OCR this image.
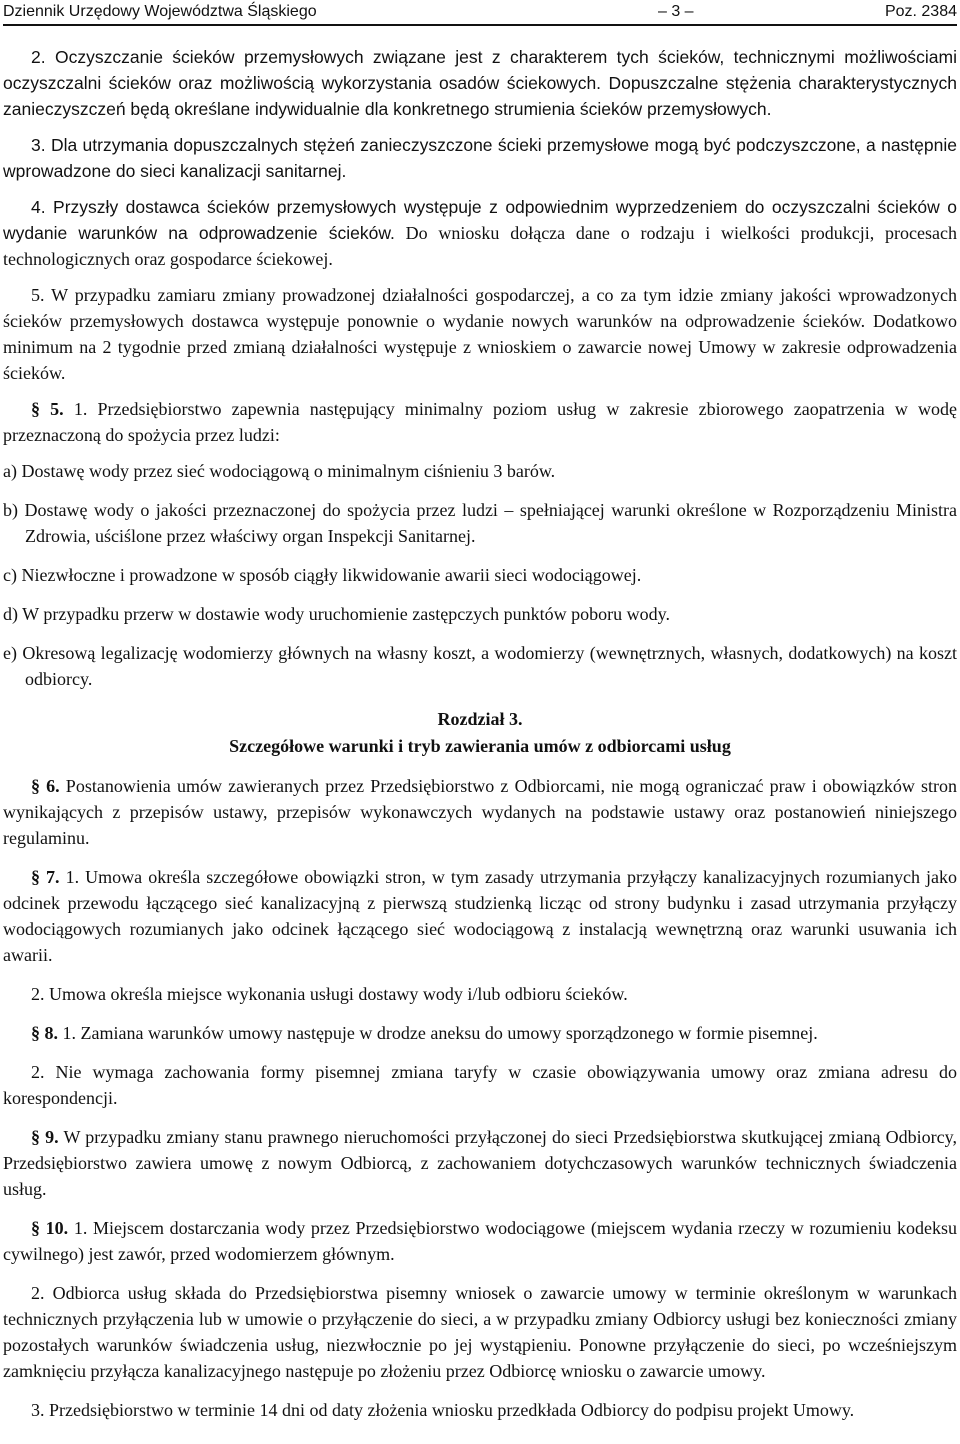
Dziennik Urzędowy Województwa Śląskiego	– 3 –	Poz. 2384

2. Oczyszczanie ścieków przemysłowych związane jest z charakterem tych ścieków, technicznymi możliwościami oczyszczalni ścieków oraz możliwością wykorzystania osadów ściekowych. Dopuszczalne stężenia charakterystycznych zanieczyszczeń będą określane indywidualnie dla konkretnego strumienia ścieków przemysłowych.

3. Dla utrzymania dopuszczalnych stężeń zanieczyszczone ścieki przemysłowe mogą być podczyszczone, a następnie wprowadzone do sieci kanalizacji sanitarnej.

4. Przyszły dostawca ścieków przemysłowych występuje z odpowiednim wyprzedzeniem do oczyszczalni ścieków o wydanie warunków na odprowadzenie ścieków. Do wniosku dołącza dane o rodzaju i wielkości produkcji, procesach technologicznych oraz gospodarce ściekowej.

5. W przypadku zamiaru zmiany prowadzonej działalności gospodarczej, a co za tym idzie zmiany jakości wprowadzonych ścieków przemysłowych dostawca występuje ponownie o wydanie nowych warunków na odprowadzenie ścieków. Dodatkowo minimum na 2 tygodnie przed zmianą działalności występuje z wnioskiem o zawarcie nowej Umowy w zakresie odprowadzenia ścieków.

§ 5. 1. Przedsiębiorstwo zapewnia następujący minimalny poziom usług w zakresie zbiorowego zaopatrzenia w wodę przeznaczoną do spożycia przez ludzi:

a) Dostawę wody przez sieć wodociągową o minimalnym ciśnieniu 3 barów.

b) Dostawę wody o jakości przeznaczonej do spożycia przez ludzi – spełniającej warunki określone w Rozporządzeniu Ministra Zdrowia, uściślone przez właściwy organ Inspekcji Sanitarnej.

c) Niezwłoczne i prowadzone w sposób ciągły likwidowanie awarii sieci wodociągowej.

d) W przypadku przerw w dostawie wody uruchomienie zastępczych punktów poboru wody.

e) Okresową legalizację wodomierzy głównych na własny koszt, a wodomierzy (wewnętrznych, własnych, dodatkowych) na koszt odbiorcy.

Rozdział 3.
Szczegółowe warunki i tryb zawierania umów z odbiorcami usług

§ 6. Postanowienia umów zawieranych przez Przedsiębiorstwo z Odbiorcami, nie mogą ograniczać praw i obowiązków stron wynikających z przepisów ustawy, przepisów wykonawczych wydanych na podstawie ustawy oraz postanowień niniejszego regulaminu.

§ 7. 1. Umowa określa szczegółowe obowiązki stron, w tym zasady utrzymania przyłączy kanalizacyjnych rozumianych jako odcinek przewodu łączącego sieć kanalizacyjną z pierwszą studzienką licząc od strony budynku i zasad utrzymania przyłączy wodociągowych rozumianych jako odcinek łączącego sieć wodociągową z instalacją wewnętrzną oraz warunki usuwania ich awarii.

2. Umowa określa miejsce wykonania usługi dostawy wody i/lub odbioru ścieków.

§ 8. 1. Zamiana warunków umowy następuje w drodze aneksu do umowy sporządzonego w formie pisemnej.

2. Nie wymaga zachowania formy pisemnej zmiana taryfy w czasie obowiązywania umowy oraz zmiana adresu do korespondencji.

§ 9. W przypadku zmiany stanu prawnego nieruchomości przyłączonej do sieci Przedsiębiorstwa skutkującej zmianą Odbiorcy, Przedsiębiorstwo zawiera umowę z nowym Odbiorcą, z zachowaniem dotychczasowych warunków technicznych świadczenia usług.

§ 10. 1. Miejscem dostarczania wody przez Przedsiębiorstwo wodociągowe (miejscem wydania rzeczy w rozumieniu kodeksu cywilnego) jest zawór, przed wodomierzem głównym.

2. Odbiorca usług składa do Przedsiębiorstwa pisemny wniosek o zawarcie umowy w terminie określonym w warunkach technicznych przyłączenia lub w umowie o przyłączenie do sieci, a w przypadku zmiany Odbiorcy usługi bez konieczności zmiany pozostałych warunków świadczenia usług, niezwłocznie po jej wystąpieniu. Ponowne przyłączenie do sieci, po wcześniejszym zamknięciu przyłącza kanalizacyjnego następuje po złożeniu przez Odbiorcę wniosku o zawarcie umowy.

3. Przedsiębiorstwo w terminie 14 dni od daty złożenia wniosku przedkłada Odbiorcy do podpisu projekt Umowy.
